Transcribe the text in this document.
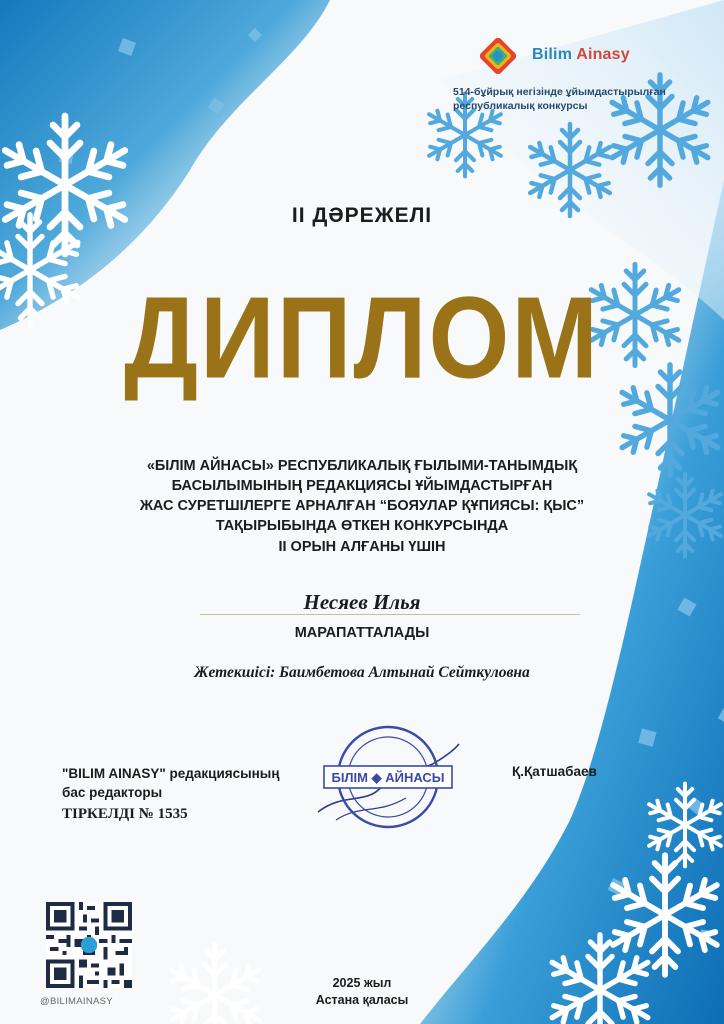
Bilim Ainasy
514-бұйрық негізінде ұйымдастырылған
республикалық конкурсы
II ДӘРЕЖЕЛІ
ДИПЛОМ
«БІЛІМ АЙНАСЫ» РЕСПУБЛИКАЛЫҚ ҒЫЛЫМИ-ТАНЫМДЫҚ
БАСЫЛЫМЫНЫҢ РЕДАКЦИЯСЫ ҰЙЫМДАСТЫРҒАН
ЖАС СУРЕТШІЛЕРГЕ АРНАЛҒАН “БОЯУЛАР ҚҰПИЯСЫ: ҚЫС”
ТАҚЫРЫБЫНДА ӨТКЕН КОНКУРСЫНДА
II ОРЫН АЛҒАНЫ ҮШІН
Несяев Илья
МАРАПАТТАЛАДЫ
Жетекшісі: Баимбетова Алтынай Сейткуловна
"BILIM AINASY" редакциясының
бас редакторы
ТІРКЕЛДІ № 1535
БІЛІМ ◆ АЙНАСЫ	Қ.Қатшабаев
@BILIMAINASY
2025 жыл
Астана қаласы
